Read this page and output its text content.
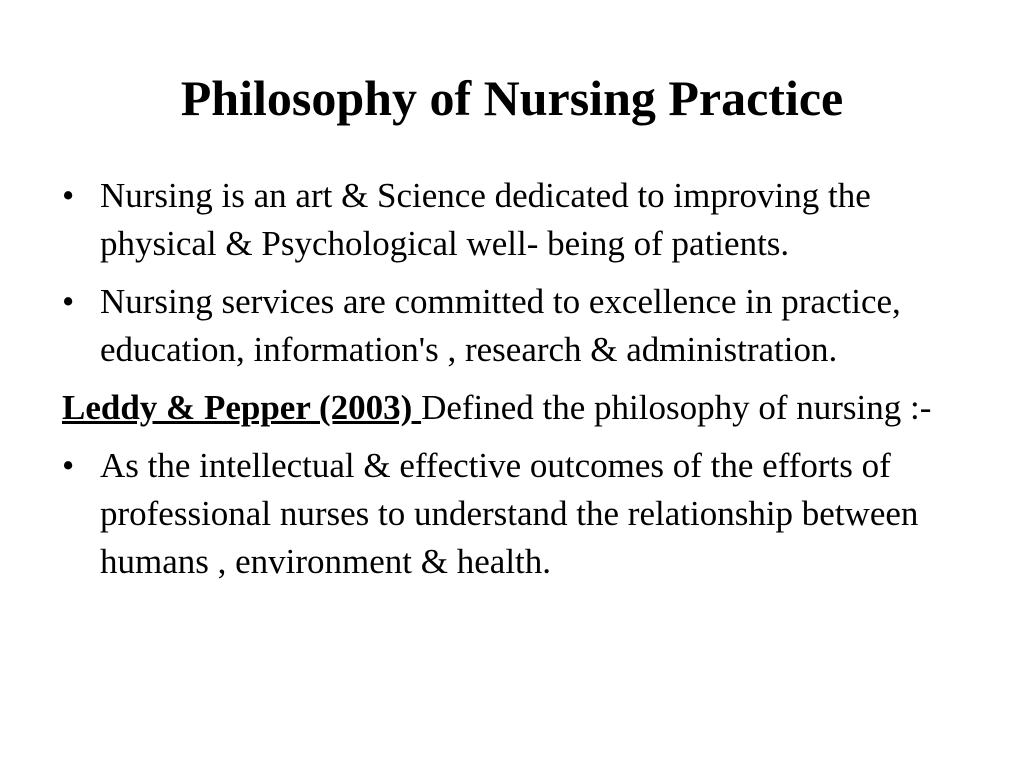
Philosophy of Nursing Practice

• Nursing is an art & Science dedicated to improving the physical & Psychological well- being of patients.

• Nursing services are committed to excellence in practice, education, information's , research & administration.

Leddy & Pepper (2003) Defined the philosophy of nursing :-

• As the intellectual & effective outcomes of the efforts of professional nurses to understand the relationship between humans , environment & health.
